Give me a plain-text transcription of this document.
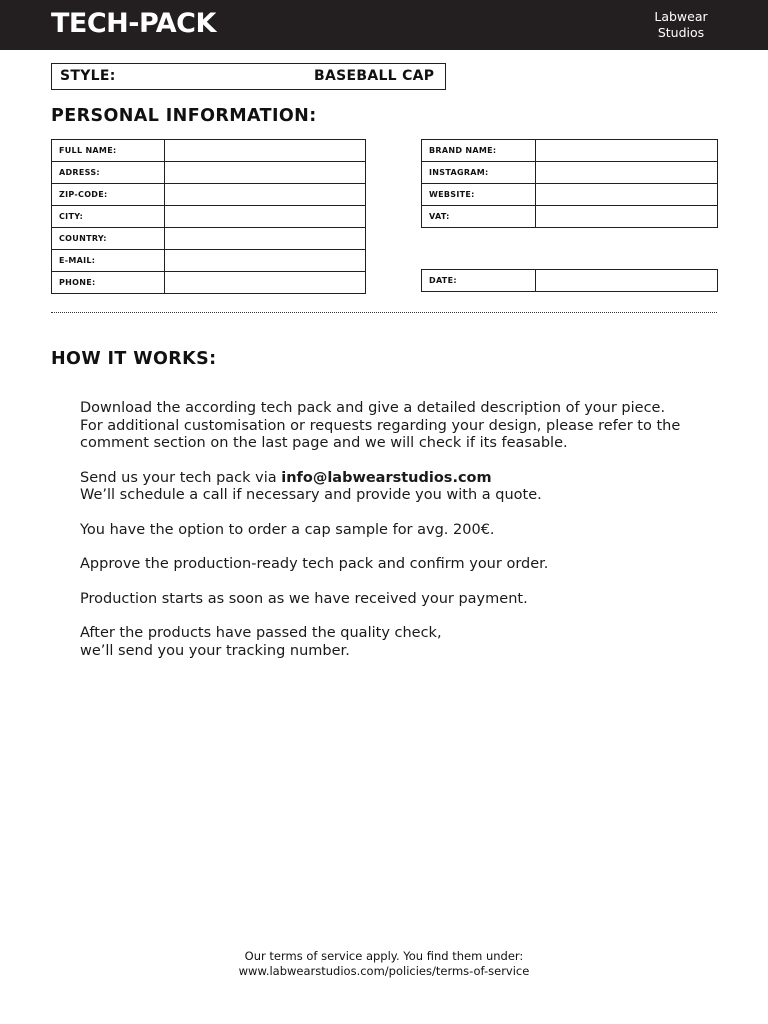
TECH-PACK	Labwear
Studios
STYLE:	BASEBALL CAP
PERSONAL INFORMATION:
FULL NAME:	
ADRESS:	
ZIP-CODE:	
CITY:	
COUNTRY:	
E-MAIL:	
PHONE:	
BRAND NAME:	
INSTAGRAM:	
WEBSITE:	
VAT:	
DATE:	
HOW IT WORKS:

Download the according tech pack and give a detailed description of your piece.
For additional customisation or requests regarding your design, please refer to the
comment section on the last page and we will check if its feasable.

Send us your tech pack via info@labwearstudios.com
We’ll schedule a call if necessary and provide you with a quote.

You have the option to order a cap sample for avg. 200€.

Approve the production-ready tech pack and confirm your order.

Production starts as soon as we have received your payment.

After the products have passed the quality check,
we’ll send you your tracking number.

Our terms of service apply. You find them under:
www.labwearstudios.com/policies/terms-of-service
